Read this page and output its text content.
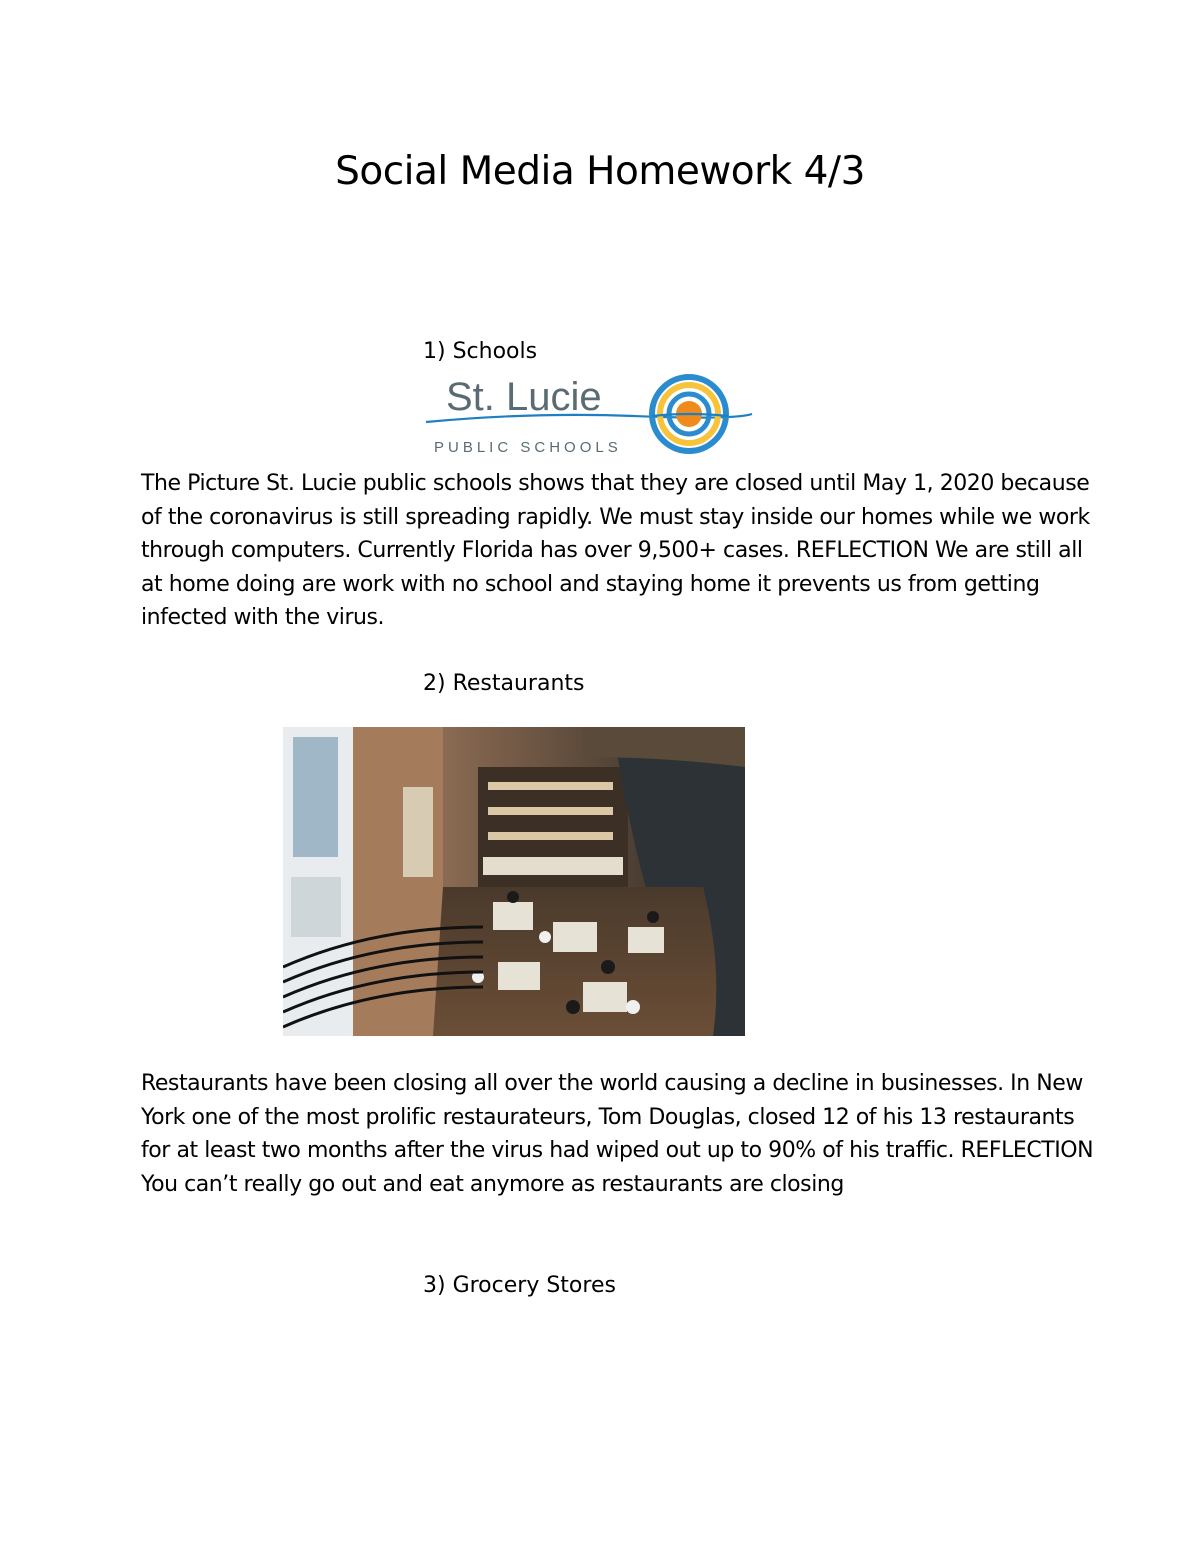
Social Media Homework 4/3
1) Schools
St. Lucie
PUBLIC SCHOOLS
The Picture St. Lucie public schools shows that they are closed until May 1, 2020 because of the coronavirus is still spreading rapidly. We must stay inside our homes while we work through computers. Currently Florida has over 9,500+ cases. REFLECTION We are still all at home doing are work with no school and staying home it prevents us from getting infected with the virus.
2) Restaurants
Restaurants have been closing all over the world causing a decline in businesses. In New York one of the most prolific restaurateurs, Tom Douglas, closed 12 of his 13 restaurants for at least two months after the virus had wiped out up to 90% of his traffic. REFLECTION You can’t really go out and eat anymore as restaurants are closing
3) Grocery Stores
